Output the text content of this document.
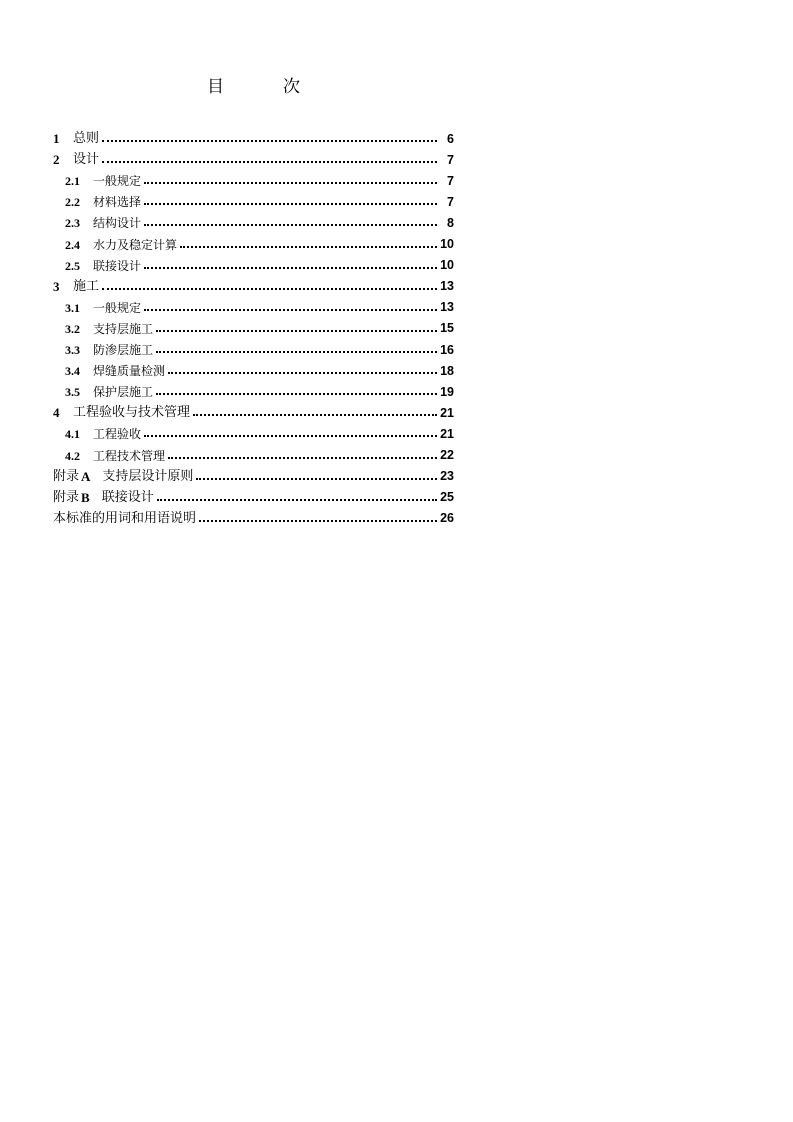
目	次
1	总则	6
2	设计	7
2.1	一般规定	7
2.2	材料选择	7
2.3	结构设计	8
2.4	水力及稳定计算	10
2.5	联接设计	10
3	施工	13
3.1	一般规定	13
3.2	支持层施工	15
3.3	防渗层施工	16
3.4	焊缝质量检测	18
3.5	保护层施工	19
4	工程验收与技术管理	21
4.1	工程验收	21
4.2	工程技术管理	22
附录 A 支持层设计原则	23
附录 B 联接设计	25
本标准的用词和用语说明	26
